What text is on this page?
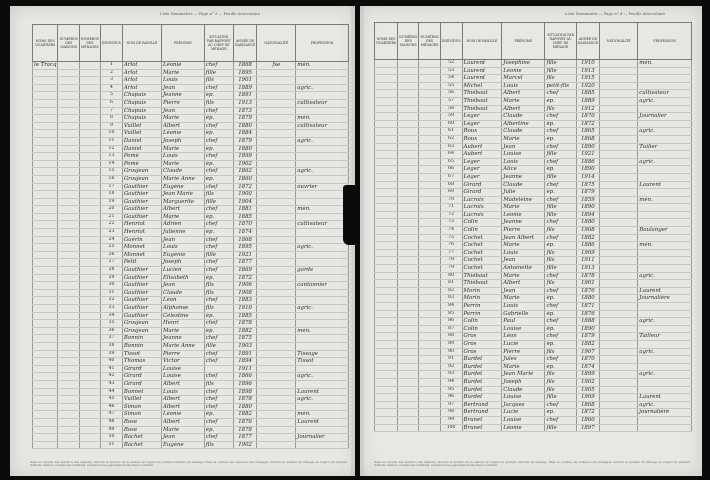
Liste Nominative — Page n° 3 — Feuille intercalaire
NOMS DES QUARTIERS	NUMÉROS DES MAISONS	NUMÉROS DES MÉNAGES	INDIVIDUS	NOM DE FAMILLE	PRÉNOMS	SITUATION PAR RAPPORT AU CHEF DE MÉNAGE	ANNÉE DE NAISSANCE	NATIONALITÉ	PROFESSION
le Tracq			1	Arlot	Léonie	chef	1868	fse	mén.
			2	Arlot	Marie	fille	1895		
			3	Arlot	Louis	fils	1901		
			4	Arlot	Jean	chef	1889		agric.
			5	Chapuis	Jeanne	ép.	1891		
			6	Chapuis	Pierre	fils	1913		cultivateur
			7	Chapuis	Jean	chef	1873		
			8	Chapuis	Marie	ép.	1879		mén.
			9	Vuillet	Albert	chef	1880		cultivateur
			10	Vuillet	Léonie	ép.	1884		
			11	Daniel	Joseph	chef	1879		agric.
			12	Daniel	Marie	ép.	1880		
			13	Pomé	Louis	chef	1899		
			14	Pomé	Marie	ép.	1902		
			15	Grosjean	Claude	chef	1862		agric.
			16	Grosjean	Marie Anne	ép.	1860		
			17	Gauthier	Eugène	chef	1872		ouvrier
			18	Gauthier	Jean Marie	fils	1900		
			19	Gauthier	Marguerite	fille	1904		
			20	Gauthier	Albert	chef	1881		mén.
			21	Gauthier	Marie	ép.	1885		
			22	Henriot	Adrien	chef	1870		cultivateur
			23	Henriot	Julienne	ép.	1874		
			24	Guérin	Jean	chef	1868		
			25	Monnet	Louis	chef	1895		agric.
			26	Monnet	Eugénie	fille	1921		
			27	Petit	Joseph	chef	1877		
			28	Gauthier	Lucien	chef	1869		garde
			29	Gauthier	Elisabeth	ép.	1872		
			30	Gauthier	Jean	fils	1906		cantonnier
			31	Gauthier	Claude	fils	1908		
			32	Gauthier	Léon	chef	1883		
			33	Gauthier	Alphonse	fils	1910		agric.
			34	Gauthier	Célestine	ép.	1885		
			35	Grosjean	Henri	chef	1878		
			36	Grosjean	Marie	ép.	1882		mén.
			37	Bonnin	Jeanne	chef	1875		
			38	Bonnin	Marie Anne	fille	1903		
			39	Tissot	Pierre	chef	1891		Tissage
			40	Thomas	Victor	chef	1894		Tissot
			41	Girard	Louise		1911		
			42	Girard	Louise	chef	1866		agric.
			43	Girard	Albert	fils	1896		
			44	Bonnet	Louis	chef	1898		Laurent
			45	Vuillet	Albert	chef	1878		agric.
			46	Simon	Albert	chef	1880		
			47	Simon	Léonie	ép.	1882		mén.
			48	Rose	Albert	chef	1876		Laurent
			49	Rose	Marie	ép.	1878		
			50	Bachet	Jean	chef	1877		Journalier
			51	Bachet	Eugène	fils	1902		
Dans la colonne des numéros des maisons, inscrire le numéro de la maison en regard du premier individu du ménage. Dans la colonne des numéros des ménages, inscrire le numéro du ménage en regard du premier individu. Dans la colonne des individus, numéroter les personnes d'une façon continue.
Liste Nominative — Page n° 4 — Feuille intercalaire
NOMS DES QUARTIERS	NUMÉROS DES MAISONS	NUMÉROS DES MÉNAGES	INDIVIDUS	NOM DE FAMILLE	PRÉNOMS	SITUATION PAR RAPPORT AU CHEF DE MÉNAGE	ANNÉE DE NAISSANCE	NATIONALITÉ	PROFESSION
			52	Laurent	Joséphine	fille	1910		mén.
			53	Laurent	Léonie	fille	1913		
			54	Laurent	Marcel	fils	1915		
			55	Michel	Louis	petit-fils	1920		
			56	Thiébaut	Albert	chef	1885		cultivateur
			57	Thiébaut	Marie	ép.	1889		agric.
			58	Thiébaut	Albert	fils	1912		
			59	Léger	Claude	chef	1870		Journalier
			60	Léger	Albertine	ép.	1872		
			61	Roux	Claude	chef	1865		agric.
			62	Roux	Marie	ép.	1868		
			63	Aubert	Jean	chef	1890		Tuilier
			64	Aubert	Louise	fille	1921		
			65	Léger	Louis	chef	1886		agric.
			66	Léger	Alice	ép.	1890		
			67	Léger	Jeanne	fille	1914		
			68	Girard	Claude	chef	1875		Laurent
			69	Girard	Julie	ép.	1879		
			70	Lacroix	Madeleine	chef	1859		mén.
			71	Lacroix	Marie	fille	1890		
			72	Lacroix	Léonie	fille	1894		
			73	Colin	Jeanne	chef	1880		
			74	Colin	Pierre	fils	1908		Boulanger
			75	Cochet	Jean Albert	chef	1882		
			76	Cochet	Marie	ép.	1886		mén.
			77	Cochet	Louis	fils	1909		
			78	Cochet	Jean	fils	1911		
			79	Cochet	Antoinette	fille	1913		
			80	Thiébaut	Marie	chef	1878		agric.
			81	Thiébaut	Albert	fils	1901		
			82	Morin	Jean	chef	1876		Laurent
			83	Morin	Marie	ép.	1880		Journalière
			84	Perrin	Louis	chef	1871		
			85	Perrin	Gabrielle	ép.	1876		
			86	Colin	Paul	chef	1888		agric.
			87	Colin	Louise	ép.	1890		
			88	Gros	Léon	chef	1879		Tailleur
			89	Gros	Lucie	ép.	1882		
			90	Gros	Pierre	fils	1907		agric.
			91	Burdet	Jules	chef	1870		
			92	Burdet	Marie	ép.	1874		
			93	Burdet	Jean Marie	fils	1899		agric.
			94	Burdet	Joseph	fils	1902		
			95	Burdet	Claude	fils	1905		
			96	Burdet	Louise	fille	1909		Laurent
			97	Bertrand	Jacques	chef	1868		agric.
			98	Bertrand	Lucie	ép.	1872		journalière
			99	Brunet	Louise	chef	1860		
			100	Brunet	Léonie	fille	1897		
Dans la colonne des numéros des maisons, inscrire le numéro de la maison en regard du premier individu du ménage. Dans la colonne des numéros des ménages, inscrire le numéro du ménage en regard du premier individu. Dans la colonne des individus, numéroter les personnes d'une façon continue.
